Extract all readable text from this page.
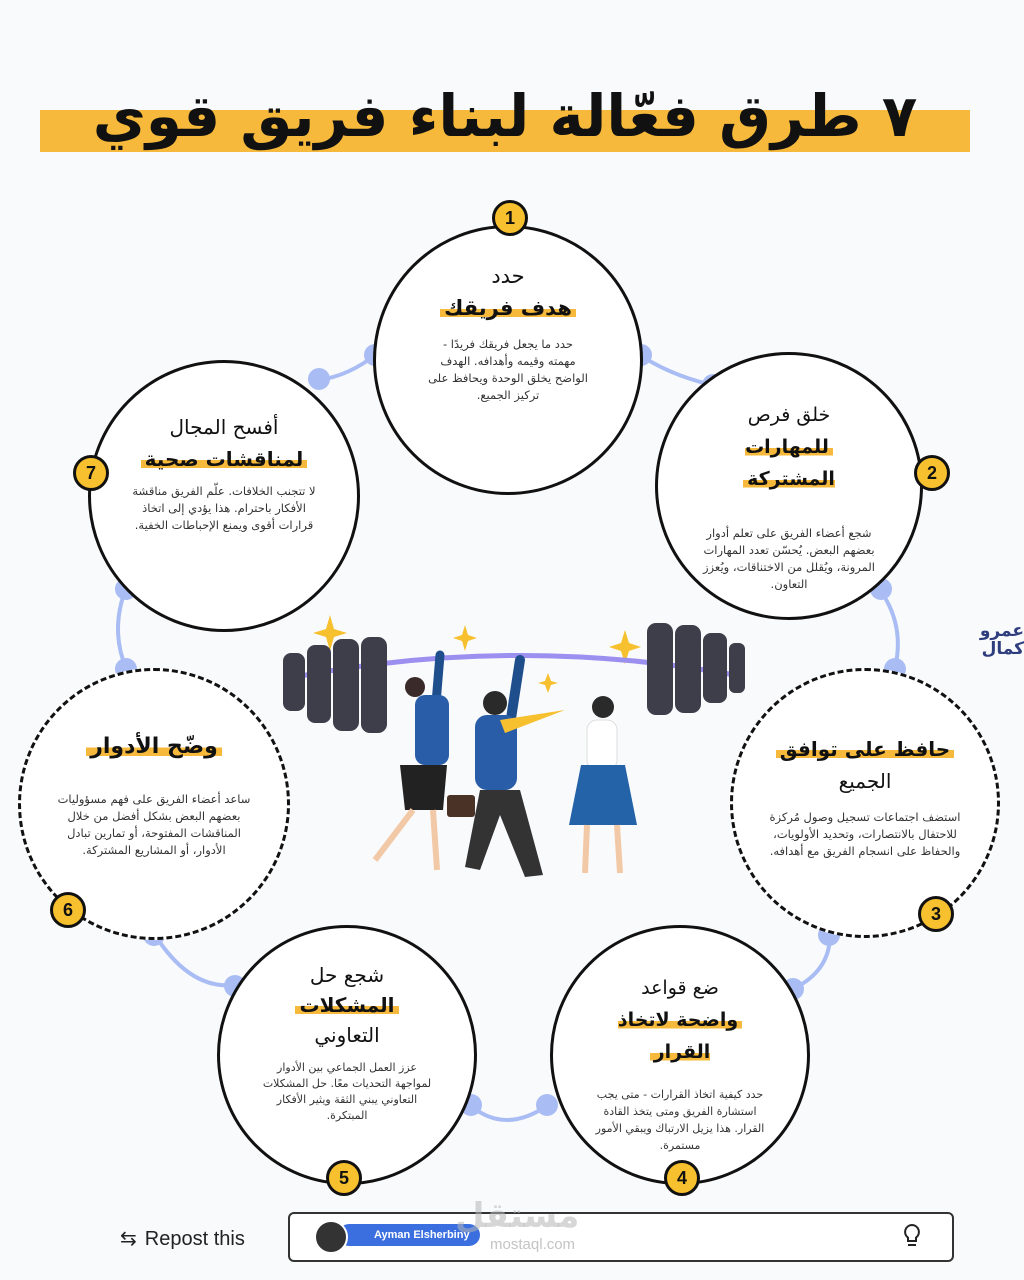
٧ طرق فعّالة لبناء فريق قوي
حدد
هدف فريقك
حدد ما يجعل فريقك فريدًا - مهمته وقيمه وأهدافه. الهدف الواضح يخلق الوحدة ويحافظ على تركيز الجميع.
1
خلق فرص
للمهارات المشتركة
شجع أعضاء الفريق على تعلم أدوار بعضهم البعض. يُحسّن تعدد المهارات المرونة، ويُقلل من الاختناقات، ويُعزز التعاون.
2
حافظ على توافق
الجميع
استضف اجتماعات تسجيل وصول مُركزة للاحتفال بالانتصارات، وتحديد الأولويات، والحفاظ على انسجام الفريق مع أهدافه.
3
ضع قواعد
واضحة لاتخاذ القرار
حدد كيفية اتخاذ القرارات - متى يجب استشارة الفريق ومتى يتخذ القادة القرار. هذا يزيل الارتباك ويبقي الأمور مستمرة.
4
شجع حل
المشكلات
التعاوني
عزز العمل الجماعي بين الأدوار لمواجهة التحديات معًا. حل المشكلات التعاوني يبني الثقة ويثير الأفكار المبتكرة.
5
وضّح الأدوار
ساعد أعضاء الفريق على فهم مسؤوليات بعضهم البعض بشكل أفضل من خلال المناقشات المفتوحة، أو تمارين تبادل الأدوار، أو المشاريع المشتركة.
6
أفسح المجال
لمناقشات صحية
لا تتجنب الخلافات. علّم الفريق مناقشة الأفكار باحترام. هذا يؤدي إلى اتخاذ قرارات أقوى ويمنع الإحباطات الخفية.
7
عمرو كمال
⇆ Repost this	Ayman Elsherbiny
مستقل
mostaql.com
